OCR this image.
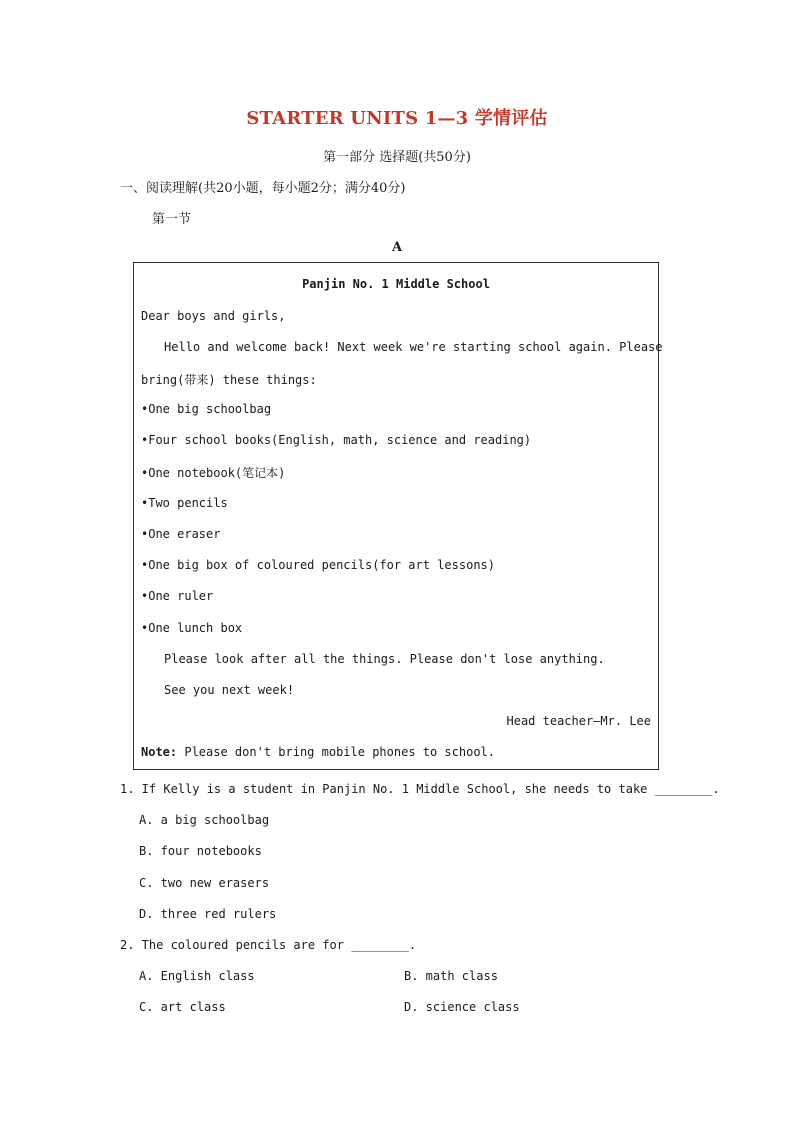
STARTER UNITS 1—3 学情评估
第一部分 选择题(共50分)
一、阅读理解(共20小题，每小题2分；满分40分)
第一节
A
Panjin No. 1 Middle School
Dear boys and girls,
Hello and welcome back! Next week we're starting school again. Please
bring(带来) these things:
•One big schoolbag
•Four school books(English, math, science and reading)
•One notebook(笔记本)
•Two pencils
•One eraser
•One big box of coloured pencils(for art lessons)
•One ruler
•One lunch box
Please look after all the things. Please don't lose anything.
See you next week!
Head teacher—Mr. Lee
Note: Please don't bring mobile phones to school.
1. If Kelly is a student in Panjin No. 1 Middle School, she needs to take ________.
A. a big schoolbag
B. four notebooks
C. two new erasers
D. three red rulers
2. The coloured pencils are for ________.
A. English class	B. math class
C. art class	D. science class
